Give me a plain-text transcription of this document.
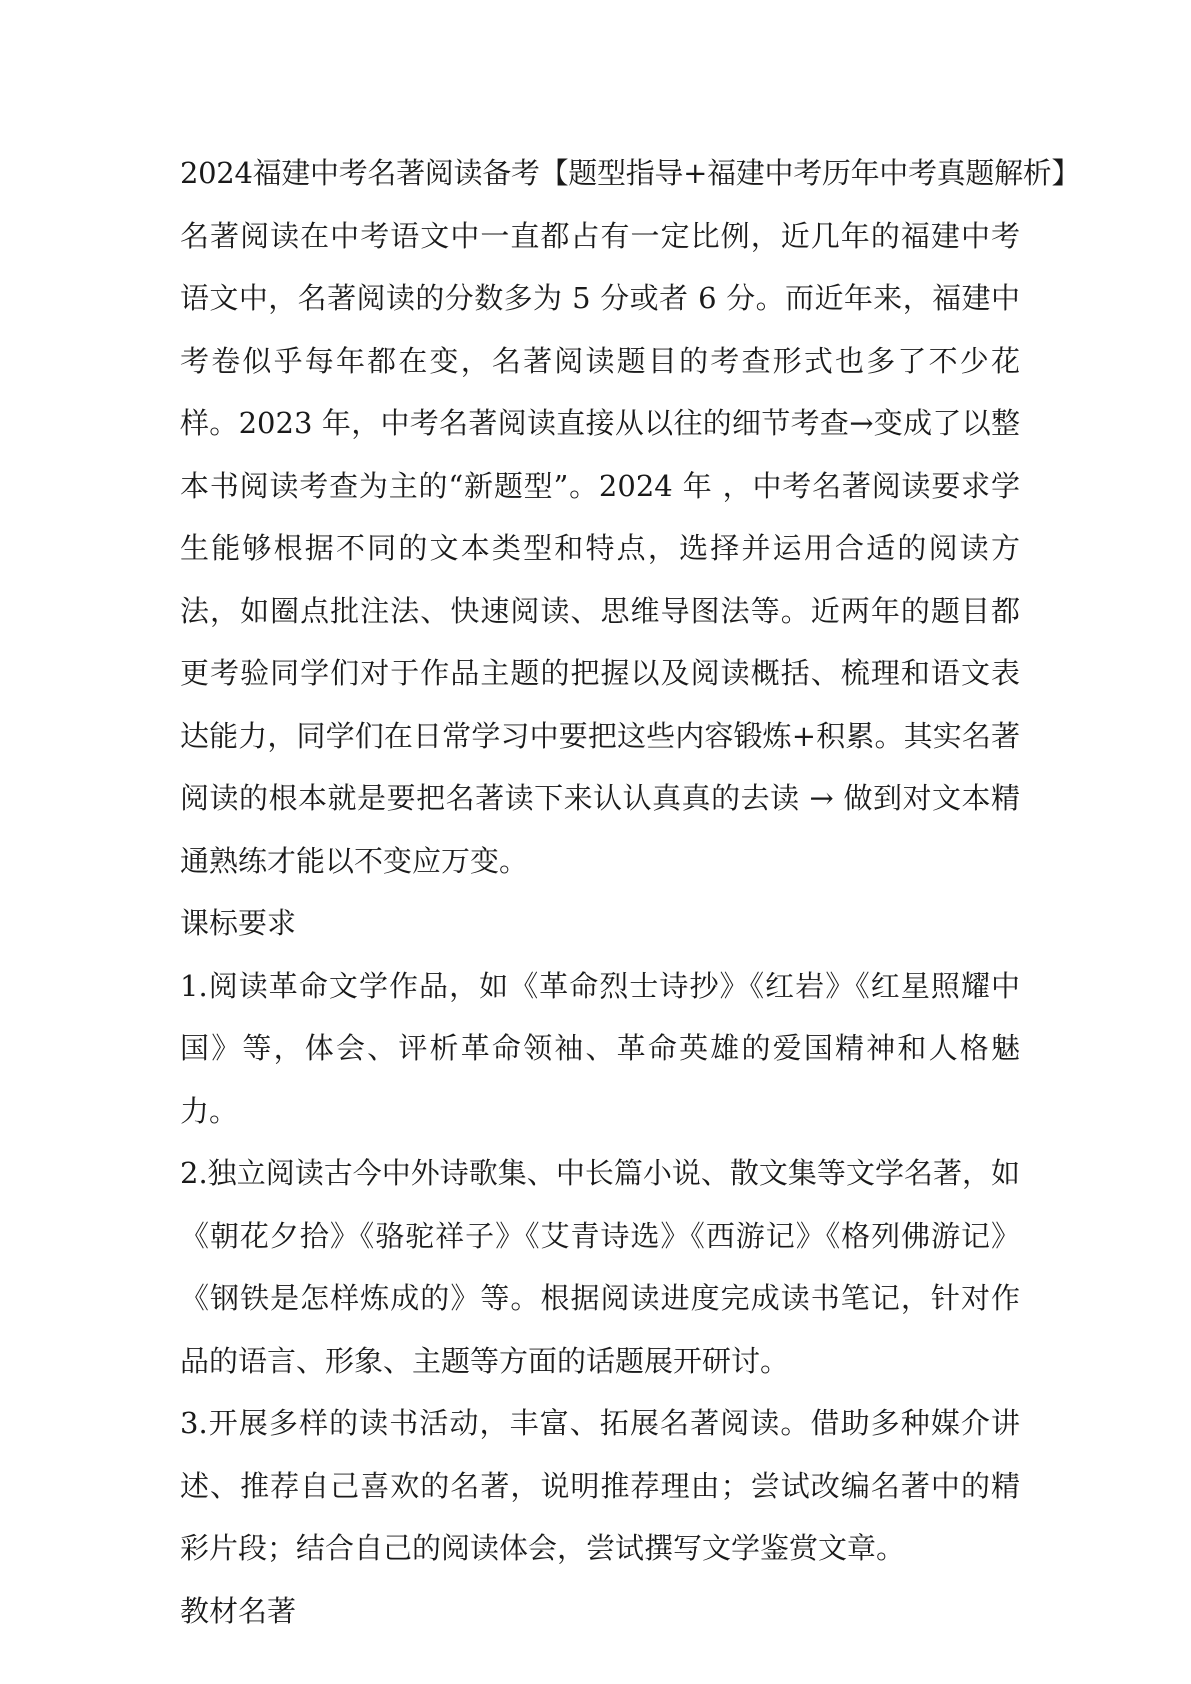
2024福建中考名著阅读备考【题型指导+福建中考历年中考真题解析】

名著阅读在中考语文中一直都占有一定比例，近几年的福建中考语文中，名著阅读的分数多为 5 分或者 6 分。而近年来，福建中考卷似乎每年都在变，名著阅读题目的考查形式也多了不少花样。2023 年，中考名著阅读直接从以往的细节考查→变成了以整本书阅读考查为主的“新题型”。2024 年 ，中考名著阅读要求学生能够根据不同的文本类型和特点，选择并运用合适的阅读方法，如圈点批注法、快速阅读、思维导图法等。近两年的题目都更考验同学们对于作品主题的把握以及阅读概括、梳理和语文表达能力，同学们在日常学习中要把这些内容锻炼+积累。其实名著阅读的根本就是要把名著读下来认认真真的去读 → 做到对文本精通熟练才能以不变应万变。

课标要求

1.阅读革命文学作品，如《革命烈士诗抄》《红岩》《红星照耀中国》等，体会、评析革命领袖、革命英雄的爱国精神和人格魅力。

2.独立阅读古今中外诗歌集、中长篇小说、散文集等文学名著，如《朝花夕拾》《骆驼祥子》《艾青诗选》《西游记》《格列佛游记》《钢铁是怎样炼成的》等。根据阅读进度完成读书笔记，针对作品的语言、形象、主题等方面的话题展开研讨。

3.开展多样的读书活动，丰富、拓展名著阅读。借助多种媒介讲述、推荐自己喜欢的名著，说明推荐理由；尝试改编名著中的精彩片段；结合自己的阅读体会，尝试撰写文学鉴赏文章。

教材名著
